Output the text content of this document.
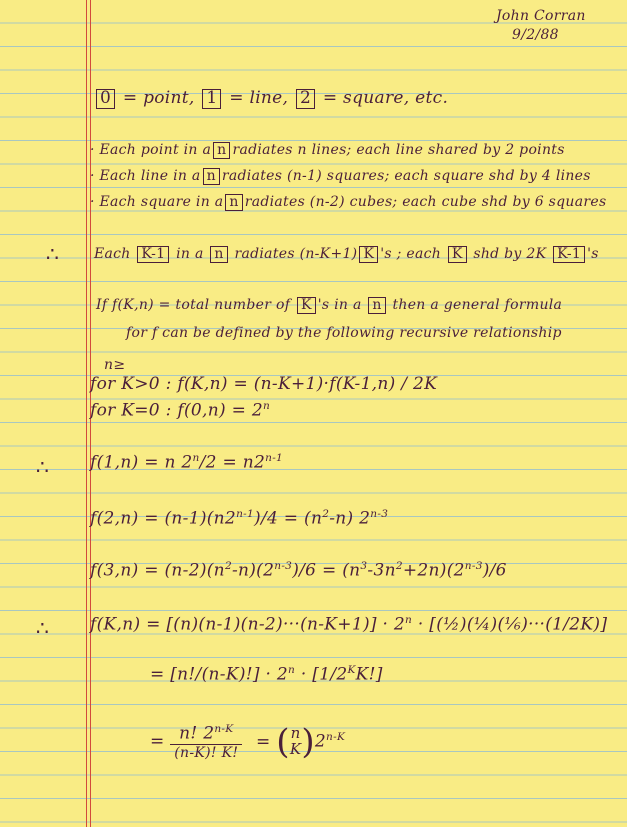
John Corran
9/2/88
0 = point, 1 = line, 2 = square, etc.
· Each point in a n radiates n lines; each line shared by 2 points
· Each line in a n radiates (n-1) squares; each square shd by 4 lines
· Each square in a n radiates (n-2) cubes; each cube shd by 6 squares
∴	Each K-1 in a n radiates (n-K+1) K 's ; each K shd by 2K K-1 's
If f(K,n) = total number of K 's in a n then a general formula
for f can be defined by the following recursive relationship
n≥
for K>0 : f(K,n) = (n-K+1)·f(K-1,n) / 2K
for K=0 : $f(0,n) = 2^n$
∴ f(1,n) = n $2^n/2 = n2^{n-1}$
$f(2,n) = (n-1)(n2^{n-1})/4 = (n^2-n)$ 2$^{n-3}$
$f(3,n) = (n-2)(n^2-n)(2^{n-3})/6 = (n^3-3n^2+2n)(2^{n-3})/6$
∴ $f(K,n) = [(n)(n-1)(n-2)\cdot\cdot\cdot(n-K+1)] \cdot 2^n$ · [(½)(¼)(⅙)···(1/2K)]
= $[n!/(n-K)!] \cdot 2^n \cdot [1/2^KK!]$
= $\frac{n! 2^{n-K}}{(n-K)! K!}$ = ( n
K )$2^{n-K}$
